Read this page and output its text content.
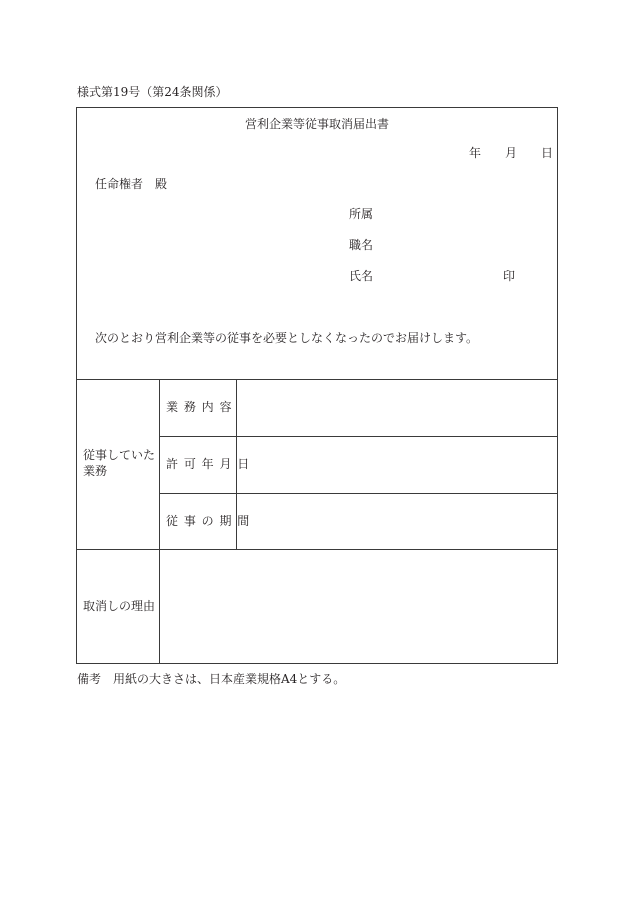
様式第19号（第24条関係）
営利企業等従事取消届出書
年 月 日
任命権者　殿
所属
職名
氏名	印
次のとおり営利企業等の従事を必要としなくなったのでお届けします。
従事していた
業務
業 務 内 容
許 可 年 月 日
従 事 の 期 間
取消しの理由
備考　用紙の大きさは、日本産業規格A4とする。
